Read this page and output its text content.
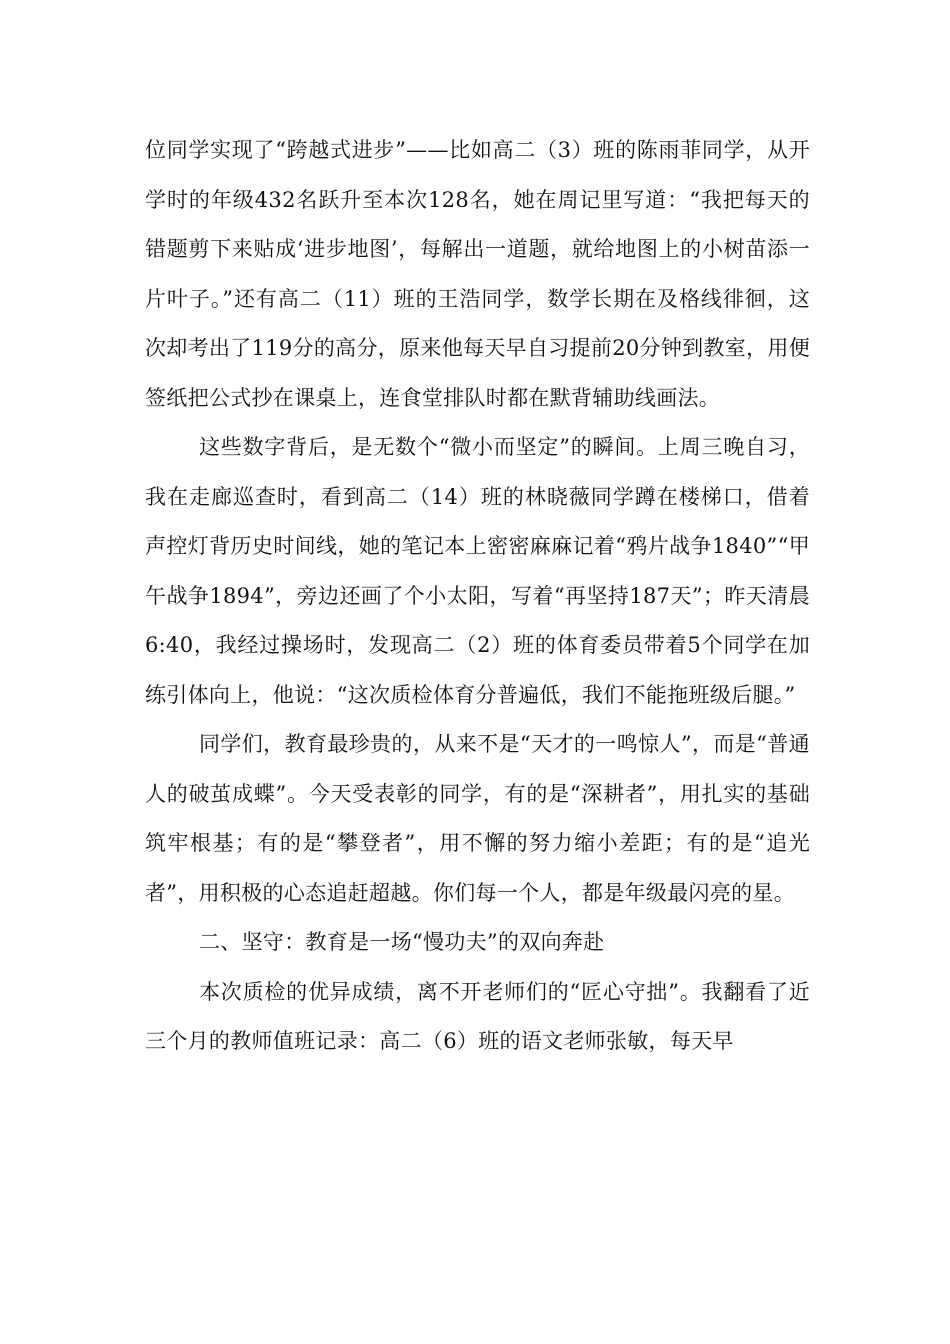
位同学实现了“跨越式进步”——比如高二（3）班的陈雨菲同学，从开学时的年级432名跃升至本次128名，她在周记里写道：“我把每天的错题剪下来贴成‘进步地图’，每解出一道题，就给地图上的小树苗添一片叶子。”还有高二（11）班的王浩同学，数学长期在及格线徘徊，这次却考出了119分的高分，原来他每天早自习提前20分钟到教室，用便签纸把公式抄在课桌上，连食堂排队时都在默背辅助线画法。

这些数字背后，是无数个“微小而坚定”的瞬间。上周三晚自习，我在走廊巡查时，看到高二（14）班的林晓薇同学蹲在楼梯口，借着声控灯背历史时间线，她的笔记本上密密麻麻记着“鸦片战争1840”“甲午战争1894”，旁边还画了个小太阳，写着“再坚持187天”；昨天清晨6:40，我经过操场时，发现高二（2）班的体育委员带着5个同学在加练引体向上，他说：“这次质检体育分普遍低，我们不能拖班级后腿。”

同学们，教育最珍贵的，从来不是“天才的一鸣惊人”，而是“普通人的破茧成蝶”。今天受表彰的同学，有的是“深耕者”，用扎实的基础筑牢根基；有的是“攀登者”，用不懈的努力缩小差距；有的是“追光者”，用积极的心态追赶超越。你们每一个人，都是年级最闪亮的星。

二、坚守：教育是一场“慢功夫”的双向奔赴

本次质检的优异成绩，离不开老师们的“匠心守拙”。我翻看了近三个月的教师值班记录：高二（6）班的语文老师张敏，每天早
